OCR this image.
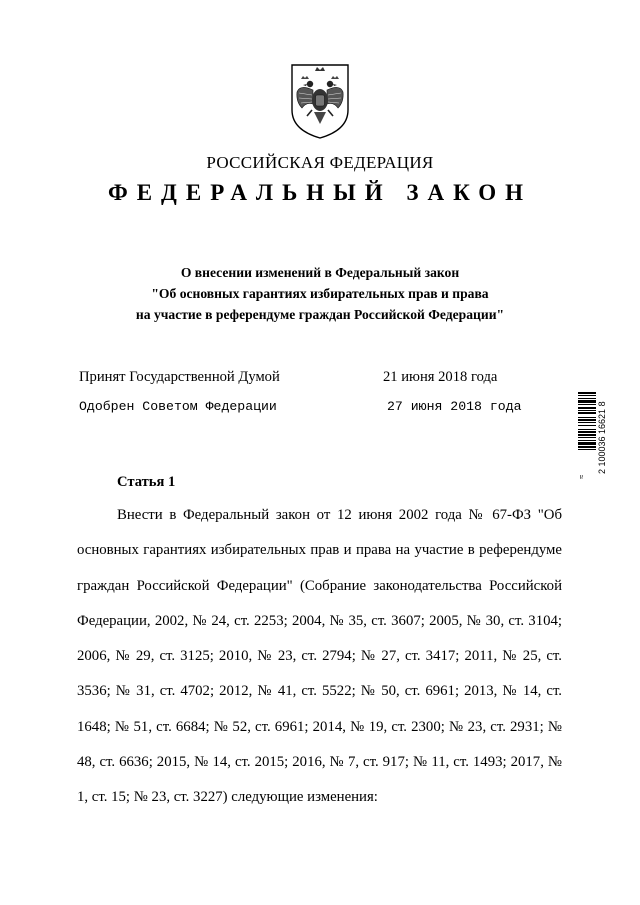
РОССИЙСКАЯ ФЕДЕРАЦИЯ
ФЕДЕРАЛЬНЫЙ ЗАКОН
О внесении изменений в Федеральный закон
"Об основных гарантиях избирательных прав и права
на участие в референдуме граждан Российской Федерации"
Принят Государственной Думой	21 июня 2018 года
Одобрен Советом Федерации	27 июня 2018 года
≈
2 100036 16621 8
Статья 1

Внести в Федеральный закон от 12 июня 2002 года № 67-ФЗ "Об основных гарантиях избирательных прав и права на участие в референдуме граждан Российской Федерации" (Собрание законодательства Российской Федерации, 2002, № 24, ст. 2253; 2004, № 35, ст. 3607; 2005, № 30, ст. 3104; 2006, № 29, ст. 3125; 2010, № 23, ст. 2794; № 27, ст. 3417; 2011, № 25, ст. 3536; № 31, ст. 4702; 2012, № 41, ст. 5522; № 50, ст. 6961; 2013, № 14, ст. 1648; № 51, ст. 6684; № 52, ст. 6961; 2014, № 19, ст. 2300; № 23, ст. 2931; № 48, ст. 6636; 2015, № 14, ст. 2015; 2016, № 7, ст. 917; № 11, ст. 1493; 2017, № 1, ст. 15; № 23, ст. 3227) следующие изменения:
